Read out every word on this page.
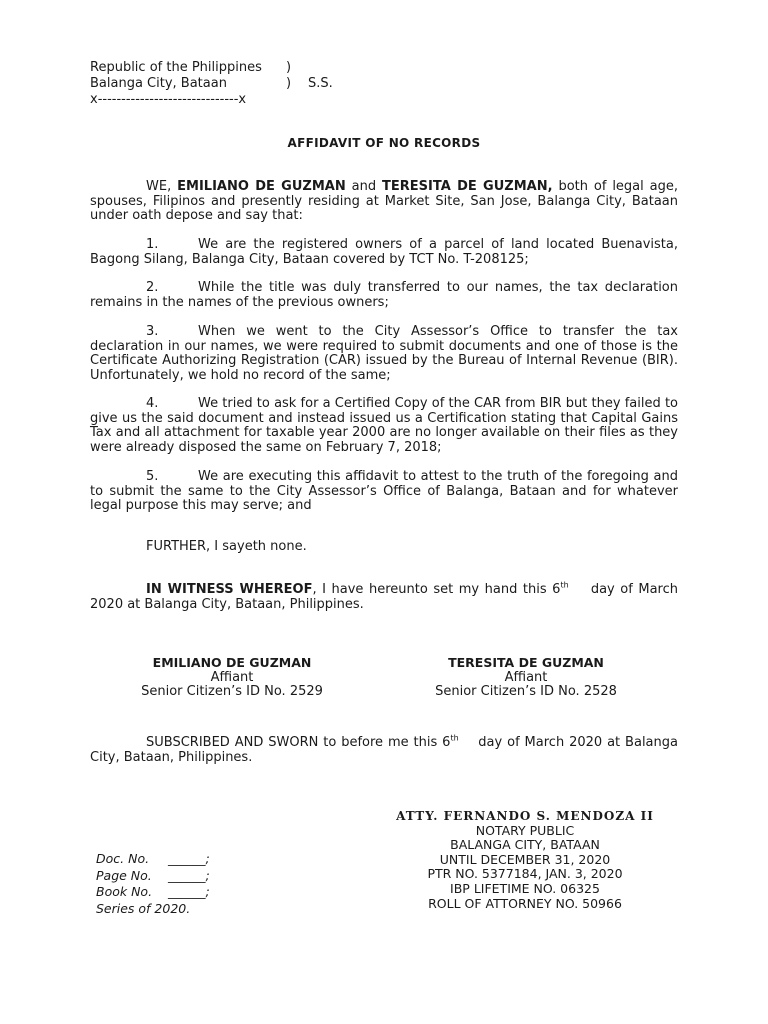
Republic of the Philippines )
Balanga City, Bataan	) S.S.
x------------------------------x
AFFIDAVIT OF NO RECORDS
WE, EMILIANO DE GUZMAN and TERESITA DE GUZMAN, both of legal age, spouses, Filipinos and presently residing at Market Site, San Jose, Balanga City, Bataan under oath depose and say that:
1.	We are the registered owners of a parcel of land located Buenavista, Bagong Silang, Balanga City, Bataan covered by TCT No. T-208125;
2.	While the title was duly transferred to our names, the tax declaration remains in the names of the previous owners;
3.	When we went to the City Assessor’s Office to transfer the tax declaration in our names, we were required to submit documents and one of those is the Certificate Authorizing Registration (CAR) issued by the Bureau of Internal Revenue (BIR). Unfortunately, we hold no record of the same;
4.	We tried to ask for a Certified Copy of the CAR from BIR but they failed to give us the said document and instead issued us a Certification stating that Capital Gains Tax and all attachment for taxable year 2000 are no longer available on their files as they were already disposed the same on February 7, 2018;
5.	We are executing this affidavit to attest to the truth of the foregoing and to submit the same to the City Assessor’s Office of Balanga, Bataan and for whatever legal purpose this may serve; and
FURTHER, I sayeth none.
IN WITNESS WHEREOF, I have hereunto set my hand this 6th    day of March 2020 at Balanga City, Bataan, Philippines.
EMILIANO DE GUZMAN
Affiant
Senior Citizen’s ID No. 2529
TERESITA DE GUZMAN
Affiant
Senior Citizen’s ID No. 2528
SUBSCRIBED AND SWORN to before me this 6th    day of March 2020 at Balanga City, Bataan, Philippines.
ATTY. FERNANDO S. MENDOZA II
NOTARY PUBLIC
BALANGA CITY, BATAAN
UNTIL DECEMBER 31, 2020
PTR NO. 5377184, JAN. 3, 2020
IBP LIFETIME NO. 06325
ROLL OF ATTORNEY NO. 50966
Doc. No. ______;
Page No. ______;
Book No. ______;
Series of 2020.
